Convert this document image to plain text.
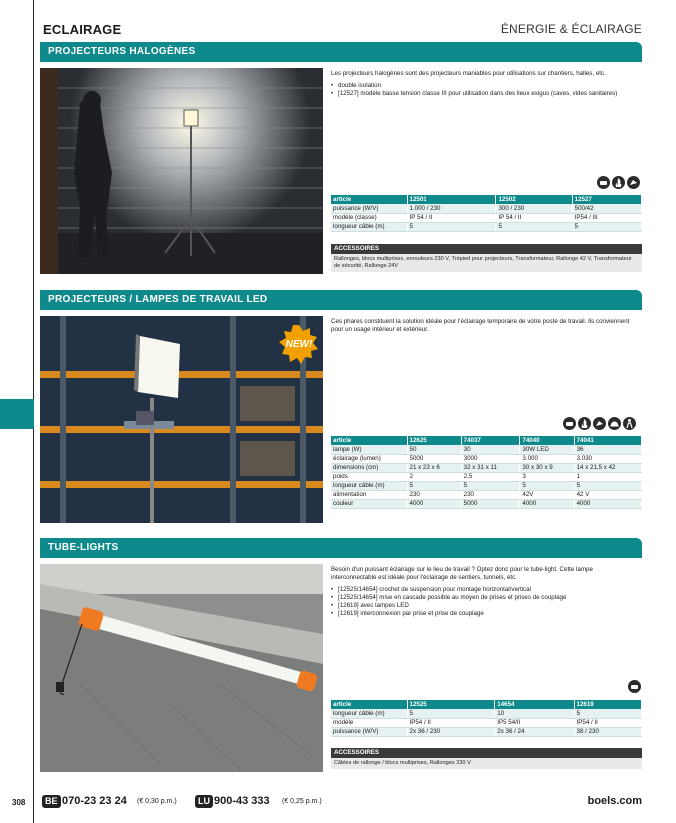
ECLAIRAGE	ÉNERGIE & ÉCLAIRAGE
PROJECTEURS HALOGÈNES

Les projecteurs halogènes sont des projecteurs maniables pour utilisations sur chantiers, halles, etc.

• double isolation
• [12527] modèle basse tension classe III pour utilisation dans des lieux exigus (caves, vides sanitaires)
article	12501	12502	12527
puissance (W/V)	1.000 / 230	300 / 230	500/42
modèle (classe)	IP 54 / II	IP 54 / II	IP54 / III
longueur câble (m)	5	5	5
ACCESSOIRES
Rallonges, blocs multiprises, enrouleurs 230 V, Trépied pour projecteurs, Transformateur, Rallonge 42 V, Transformateur de sécurité, Rallonge 24V
PROJECTEURS / LAMPES DE TRAVAIL LED
NEW!

Ces phares constituent la solution idéale pour l'éclairage temporaire de votre poste de travail. Ils conviennent pour un usage intérieur et extérieur.

article	12625	74037	74040	74041
lampe (W)	50	30	30W LED	36
éclairage (lumen)	5000	3000	3.000	3.030
dimensions (cm)	21 x 23 x 6	32 x 31 x 11	30 x 30 x 9	14 x 21,5 x 42
poids	2	2,5	3	1
longueur câble (m)	5	5	5	5
alimentation	230	230	42V	42 V
couleur	4000	5000	4000	4000
TUBE-LIGHTS

Besoin d'un puissant éclairage sur le lieu de travail ? Optez donc pour le tube-light. Cette lampe interconnectable est idéale pour l'éclairage de sentiers, tunnels, etc.

• [12525/14654] crochet de suspension pour montage horizontal/vertical
• [12525/14654] mise en cascade possible au moyen de prises et prises de couplage
• [12619] avec lampes LED
• [12619] interconnexion par prise et prise de couplage
article	12525	14654	12619
longueur câble (m)	5	10	5
modèle	IP54 / II	IP5 54/II	IP54 / II
puissance (W/V)	2x 36 / 230	2x 36 / 24	38 / 230
ACCESSOIRES
Câbles de rallonge / blocs multiprises, Rallonges 230 V
308	BE 070-23 23 24 (€ 0,30 p.m.)	LU 900-43 333 (€ 0,25 p.m.)	boels.com
